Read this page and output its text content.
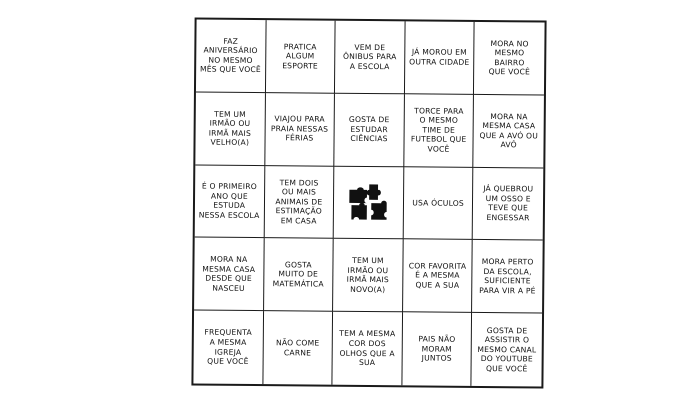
FAZ
ANIVERSÁRIO
NO MESMO
MÊS QUE VOCÊ
PRATICA
ALGUM
ESPORTE
VEM DE
ÔNIBUS PARA
A ESCOLA
JÁ MOROU EM
OUTRA CIDADE
MORA NO
MESMO
BAIRRO
QUE VOCÊ
TEM UM
IRMÃO OU
IRMÃ MAIS
VELHO(A)
VIAJOU PARA
PRAIA NESSAS
FÉRIAS
GOSTA DE
ESTUDAR
CIÊNCIAS
TORCE PARA
O MESMO
TIME DE
FUTEBOL QUE
VOCÊ
MORA NA
MESMA CASA
QUE A AVÓ OU
AVÔ
É O PRIMEIRO
ANO QUE
ESTUDA
NESSA ESCOLA
TEM DOIS
OU MAIS
ANIMAIS DE
ESTIMAÇÃO
EM CASA
USA ÓCULOS
JÁ QUEBROU
UM OSSO E
TEVE QUE
ENGESSAR
MORA NA
MESMA CASA
DESDE QUE
NASCEU
GOSTA
MUITO DE
MATEMÁTICA
TEM UM
IRMÃO OU
IRMÃ MAIS
NOVO(A)
COR FAVORITA
É A MESMA
QUE A SUA
MORA PERTO
DA ESCOLA,
SUFICIENTE
PARA VIR A PÉ
FREQUENTA
A MESMA
IGREJA
QUE VOCÊ
NÃO COME
CARNE
TEM A MESMA
COR DOS
OLHOS QUE A
SUA
PAIS NÃO
MORAM
JUNTOS
GOSTA DE
ASSISTIR O
MESMO CANAL
DO YOUTUBE
QUE VOCÊ
